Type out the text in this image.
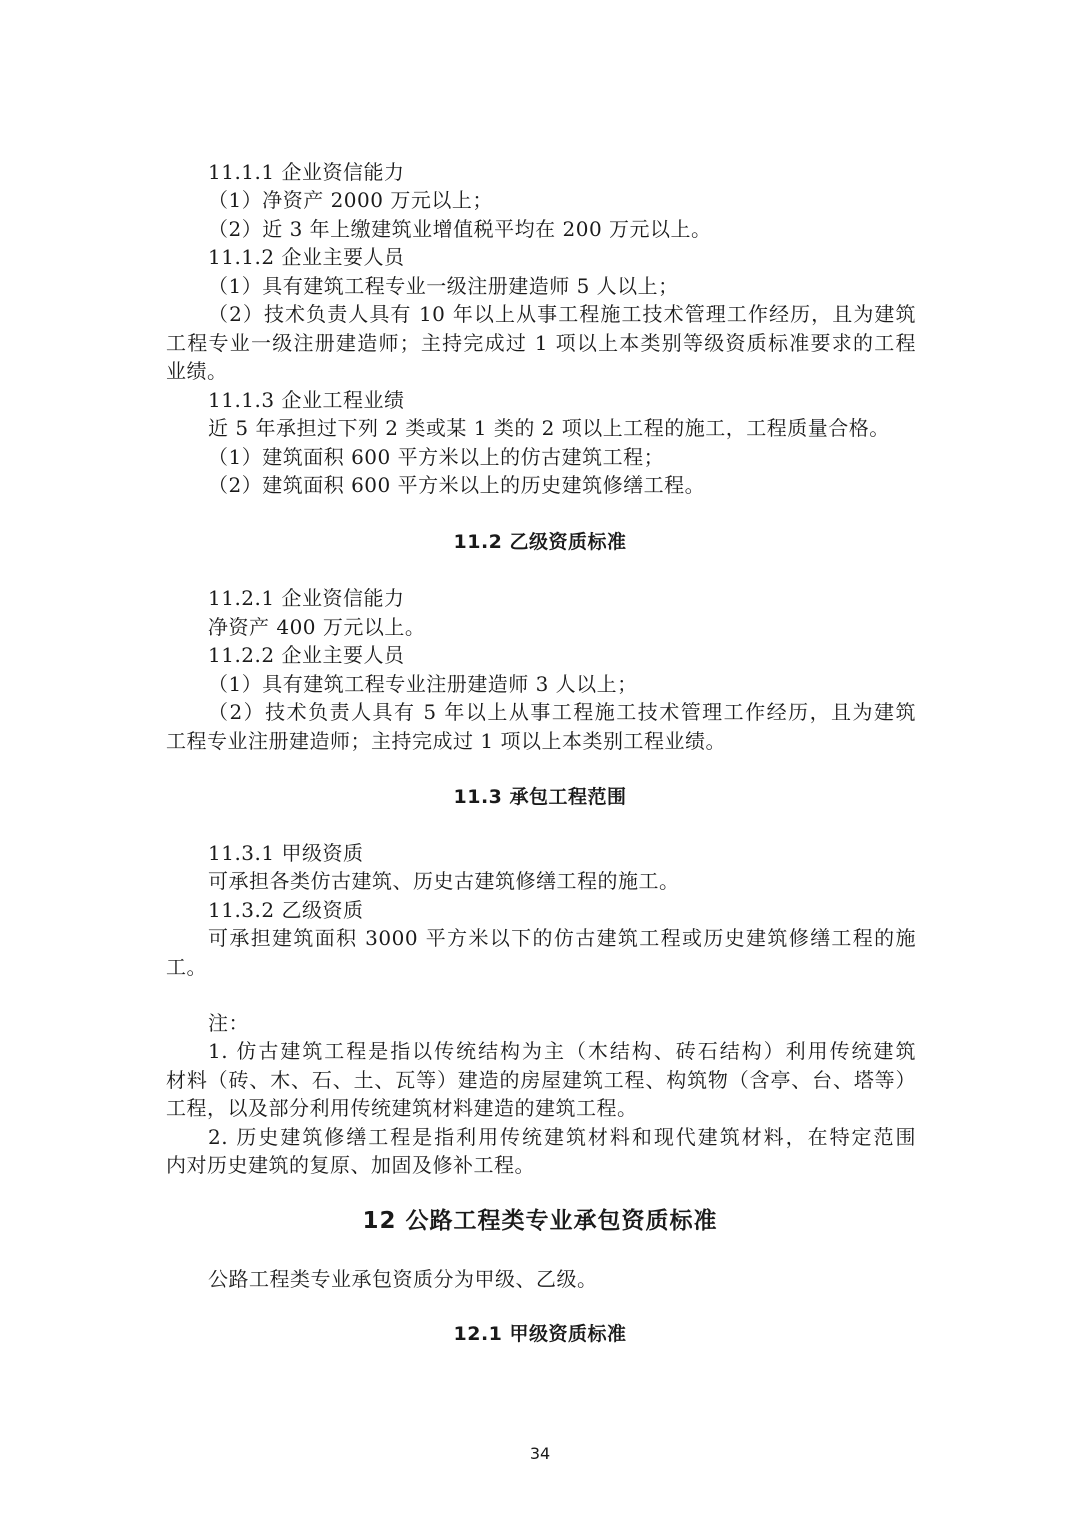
11.1.1 企业资信能力
（1）净资产 2000 万元以上；
（2）近 3 年上缴建筑业增值税平均在 200 万元以上。
11.1.2 企业主要人员
（1）具有建筑工程专业一级注册建造师 5 人以上；
（2）技术负责人具有 10 年以上从事工程施工技术管理工作经历，且为建筑
工程专业一级注册建造师；主持完成过 1 项以上本类别等级资质标准要求的工程
业绩。
11.1.3 企业工程业绩
近 5 年承担过下列 2 类或某 1 类的 2 项以上工程的施工，工程质量合格。
（1）建筑面积 600 平方米以上的仿古建筑工程；
（2）建筑面积 600 平方米以上的历史建筑修缮工程。
11.2 乙级资质标准
11.2.1 企业资信能力
净资产 400 万元以上。
11.2.2 企业主要人员
（1）具有建筑工程专业注册建造师 3 人以上；
（2）技术负责人具有 5 年以上从事工程施工技术管理工作经历，且为建筑
工程专业注册建造师；主持完成过 1 项以上本类别工程业绩。
11.3 承包工程范围
11.3.1 甲级资质
可承担各类仿古建筑、历史古建筑修缮工程的施工。
11.3.2 乙级资质
可承担建筑面积 3000 平方米以下的仿古建筑工程或历史建筑修缮工程的施
工。
注：
1. 仿古建筑工程是指以传统结构为主（木结构、砖石结构）利用传统建筑
材料（砖、木、石、土、瓦等）建造的房屋建筑工程、构筑物（含亭、台、塔等）
工程，以及部分利用传统建筑材料建造的建筑工程。
2. 历史建筑修缮工程是指利用传统建筑材料和现代建筑材料，在特定范围
内对历史建筑的复原、加固及修补工程。
12 公路工程类专业承包资质标准
公路工程类专业承包资质分为甲级、乙级。
12.1 甲级资质标准
34
